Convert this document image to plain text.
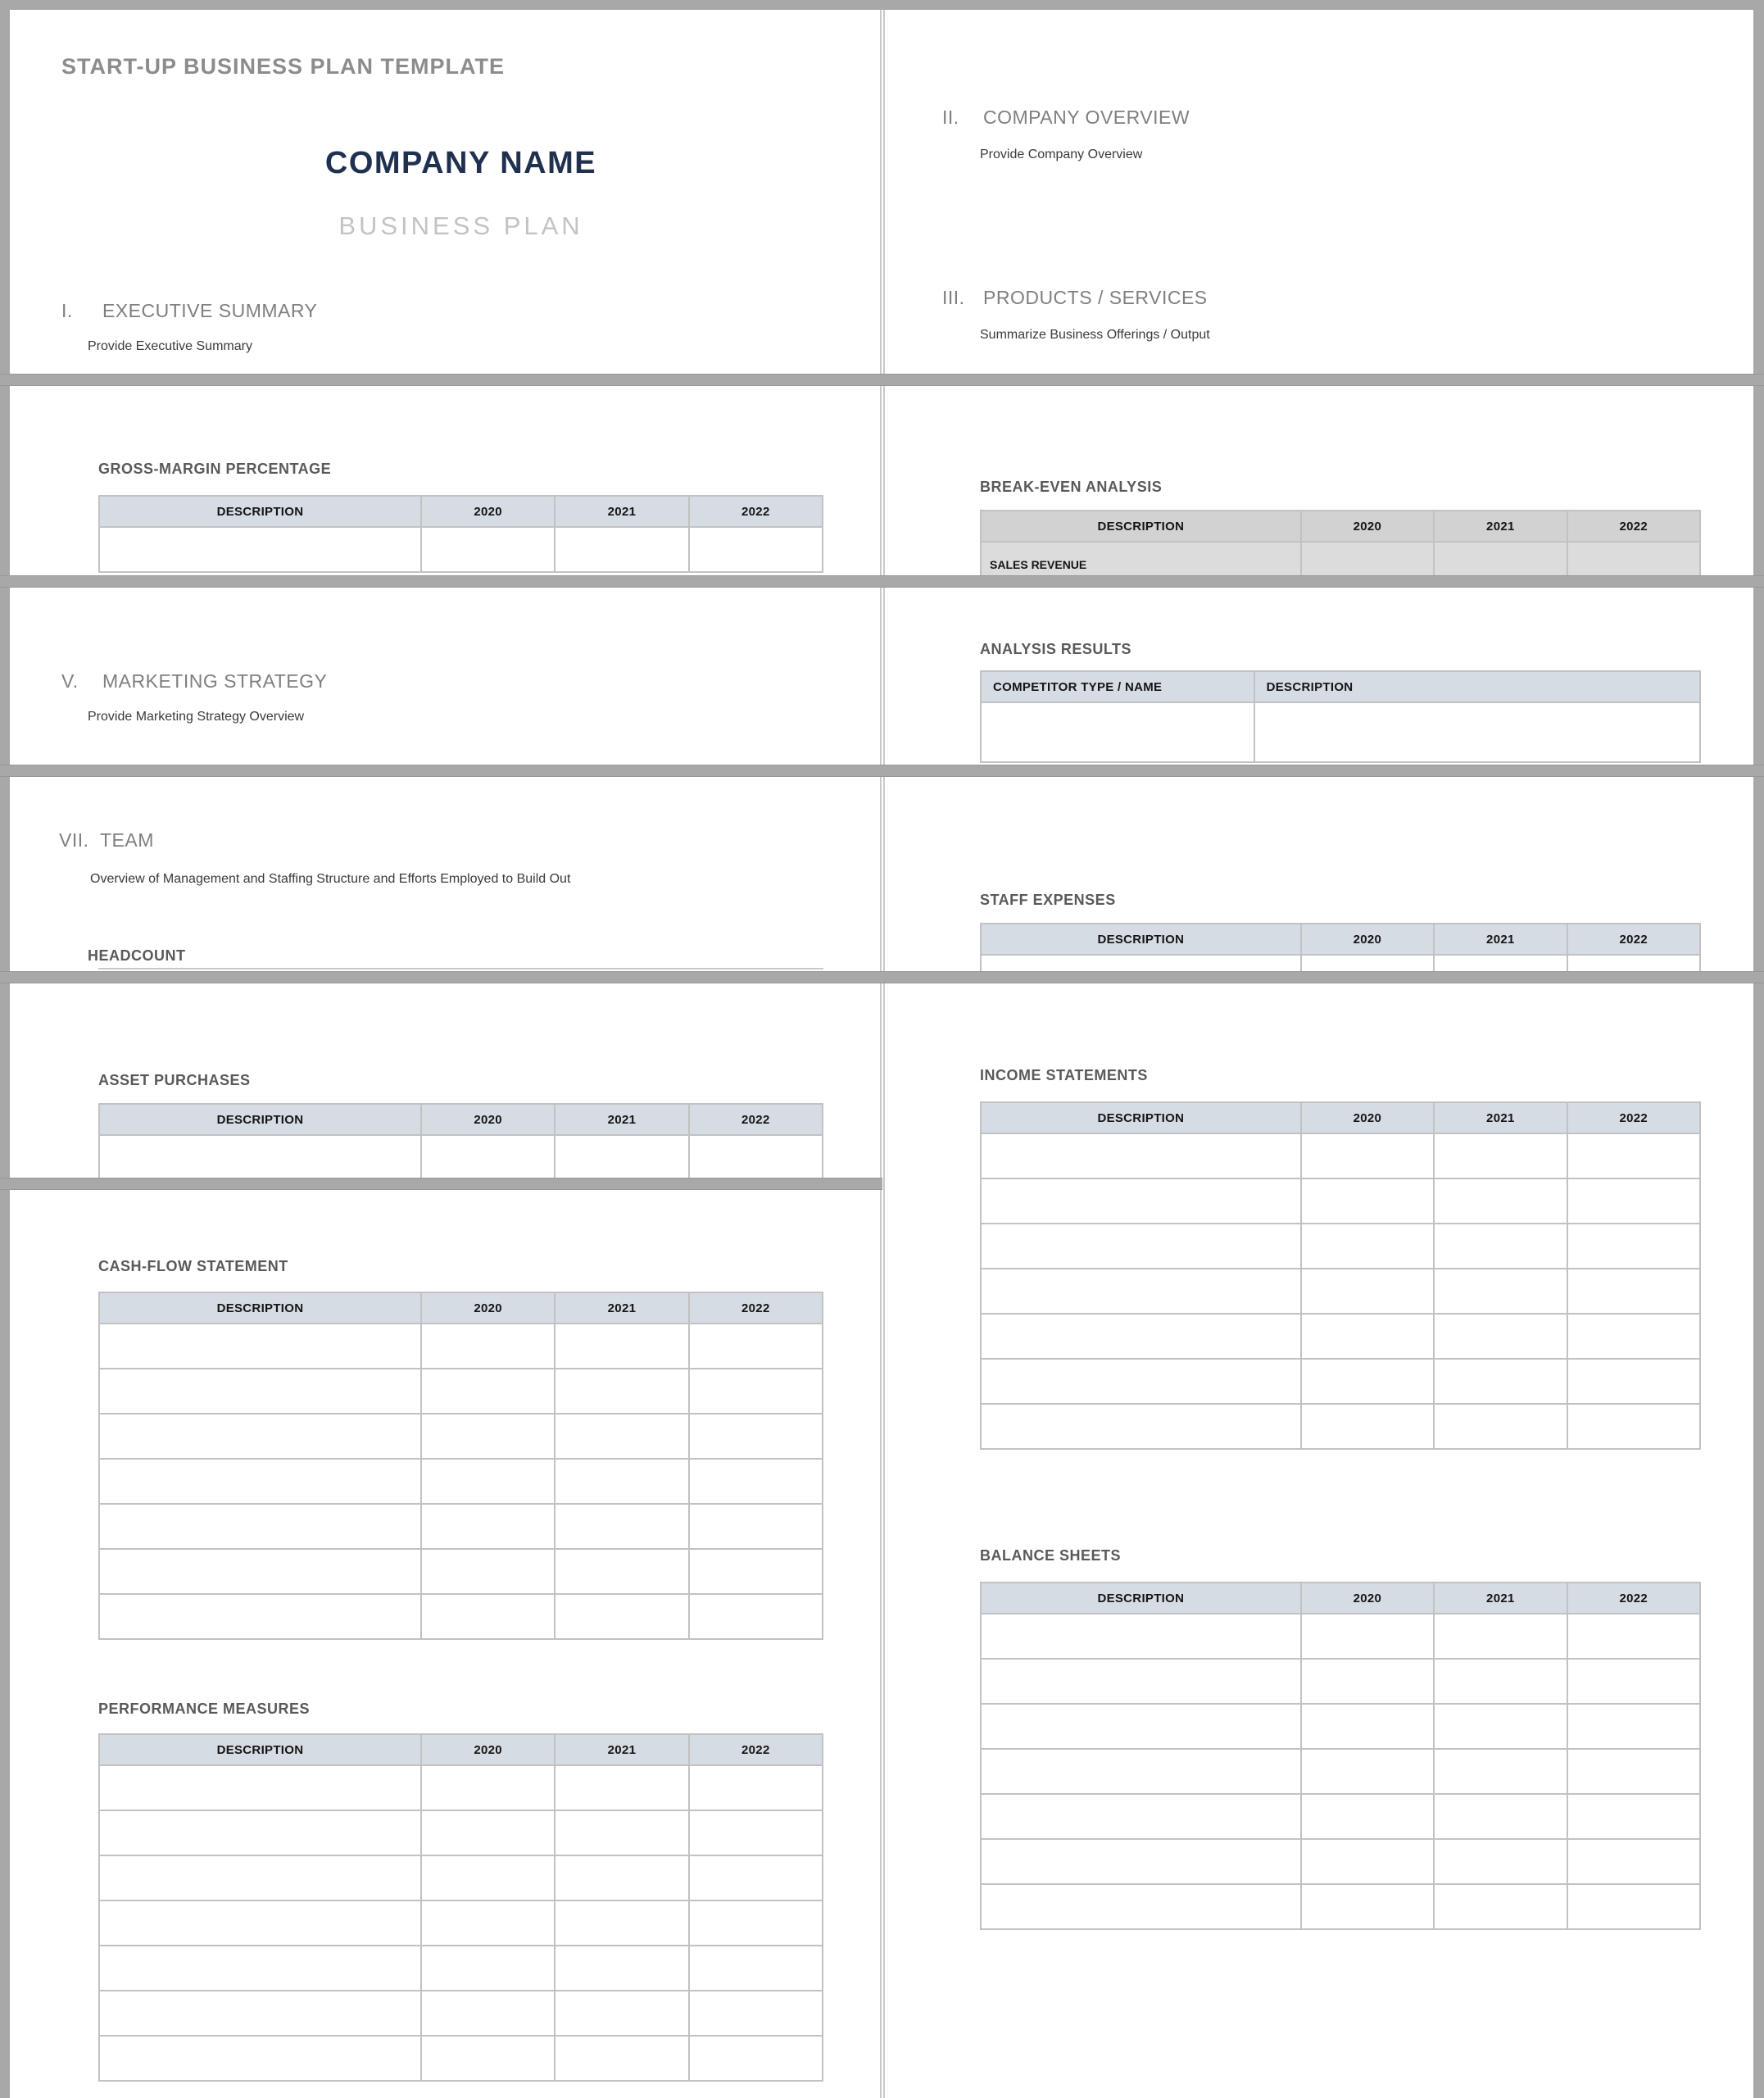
START-UP BUSINESS PLAN TEMPLATE
COMPANY NAME
BUSINESS PLAN
I.	EXECUTIVE SUMMARY
Provide Executive Summary
II.	COMPANY OVERVIEW
Provide Company Overview
III. PRODUCTS / SERVICES
Summarize Business Offerings / Output
GROSS-MARGIN PERCENTAGE
DESCRIPTION	2020	2021	2022

BREAK-EVEN ANALYSIS
DESCRIPTION	2020	2021	2022
SALES REVENUE			
V.	MARKETING STRATEGY
Provide Marketing Strategy Overview
ANALYSIS RESULTS
COMPETITOR TYPE / NAME	DESCRIPTION

VII. TEAM
Overview of Management and Staffing Structure and Efforts Employed to Build Out
HEADCOUNT
STAFF EXPENSES
DESCRIPTION	2020	2021	2022

ASSET PURCHASES
DESCRIPTION	2020	2021	2022

INCOME STATEMENTS
DESCRIPTION	2020	2021	2022

BALANCE SHEETS
DESCRIPTION	2020	2021	2022

CASH-FLOW STATEMENT
DESCRIPTION	2020	2021	2022

PERFORMANCE MEASURES
DESCRIPTION	2020	2021	2022
